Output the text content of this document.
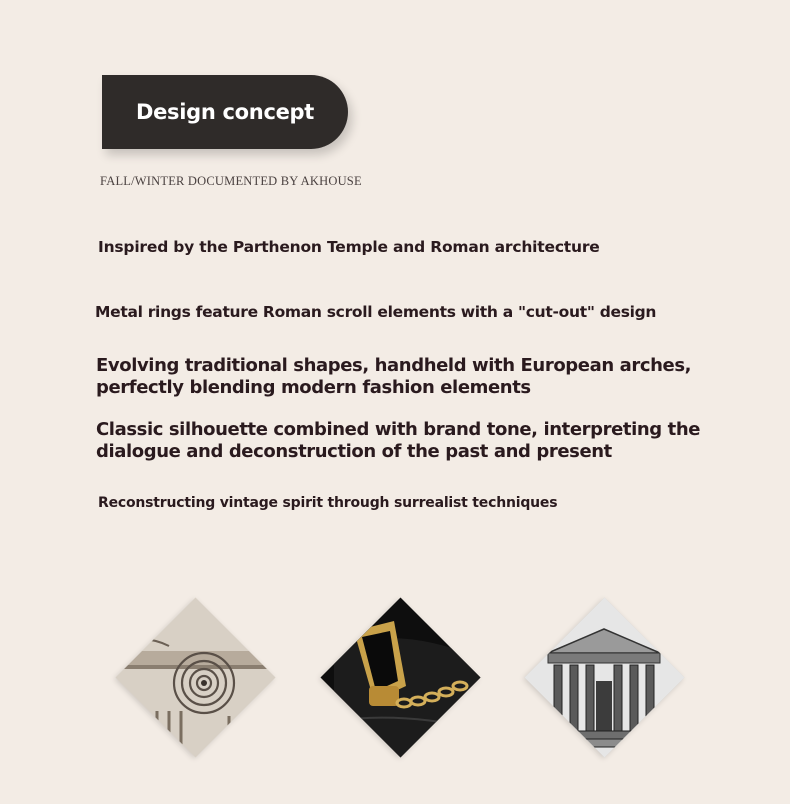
Design concept
FALL/WINTER DOCUMENTED BY AKHOUSE
Inspired by the Parthenon Temple and Roman architecture
Metal rings feature Roman scroll elements with a "cut-out" design
Evolving traditional shapes, handheld with European arches, perfectly blending modern fashion elements
Classic silhouette combined with brand tone, interpreting the dialogue and deconstruction of the past and present
Reconstructing vintage spirit through surrealist techniques
